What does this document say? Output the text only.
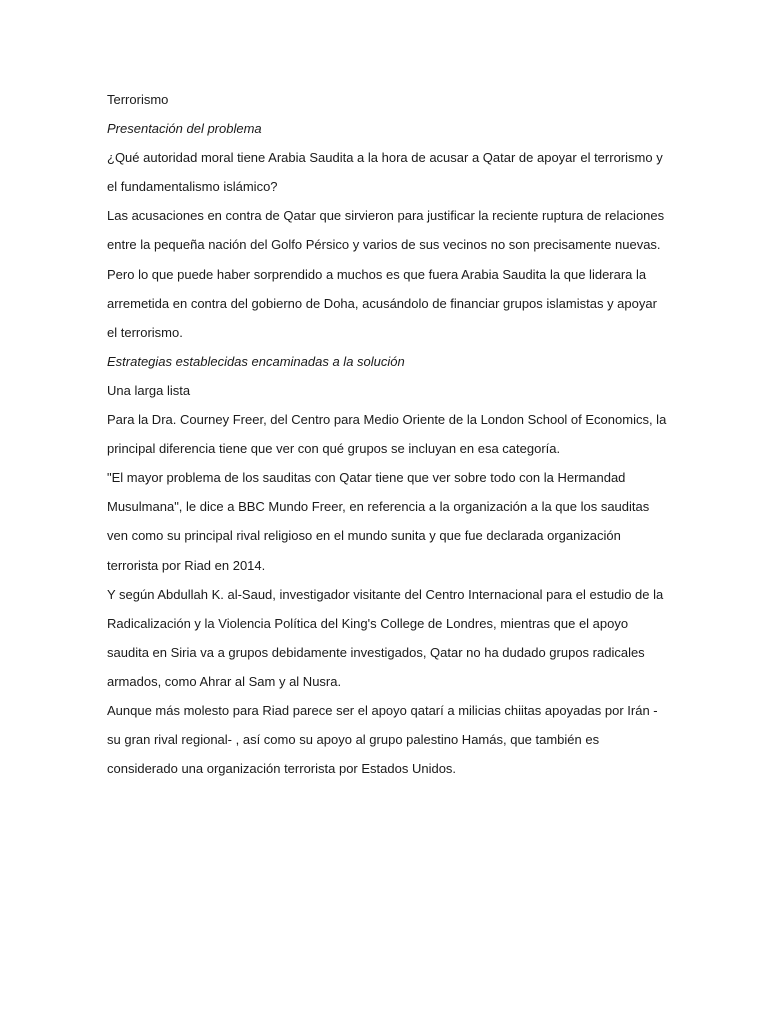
Terrorismo

Presentación del problema

¿Qué autoridad moral tiene Arabia Saudita a la hora de acusar a Qatar de apoyar el terrorismo y el fundamentalismo islámico?

Las acusaciones en contra de Qatar que sirvieron para justificar la reciente ruptura de relaciones entre la pequeña nación del Golfo Pérsico y varios de sus vecinos no son precisamente nuevas.

Pero lo que puede haber sorprendido a muchos es que fuera Arabia Saudita la que liderara la arremetida en contra del gobierno de Doha, acusándolo de financiar grupos islamistas y apoyar el terrorismo.

Estrategias establecidas encaminadas a la solución

Una larga lista

Para la Dra. Courney Freer, del Centro para Medio Oriente de la London School of Economics, la principal diferencia tiene que ver con qué grupos se incluyan en esa categoría.

"El mayor problema de los sauditas con Qatar tiene que ver sobre todo con la Hermandad Musulmana", le dice a BBC Mundo Freer, en referencia a la organización a la que los sauditas ven como su principal rival religioso en el mundo sunita y que fue declarada organización terrorista por Riad en 2014.

Y según Abdullah K. al-Saud, investigador visitante del Centro Internacional para el estudio de la Radicalización y la Violencia Política del King's College de Londres, mientras que el apoyo saudita en Siria va a grupos debidamente investigados, Qatar no ha dudado grupos radicales armados, como Ahrar al Sam y al Nusra.

Aunque más molesto para Riad parece ser el apoyo qatarí a milicias chiitas apoyadas por Irán -su gran rival regional- , así como su apoyo al grupo palestino Hamás, que también es considerado una organización terrorista por Estados Unidos.
